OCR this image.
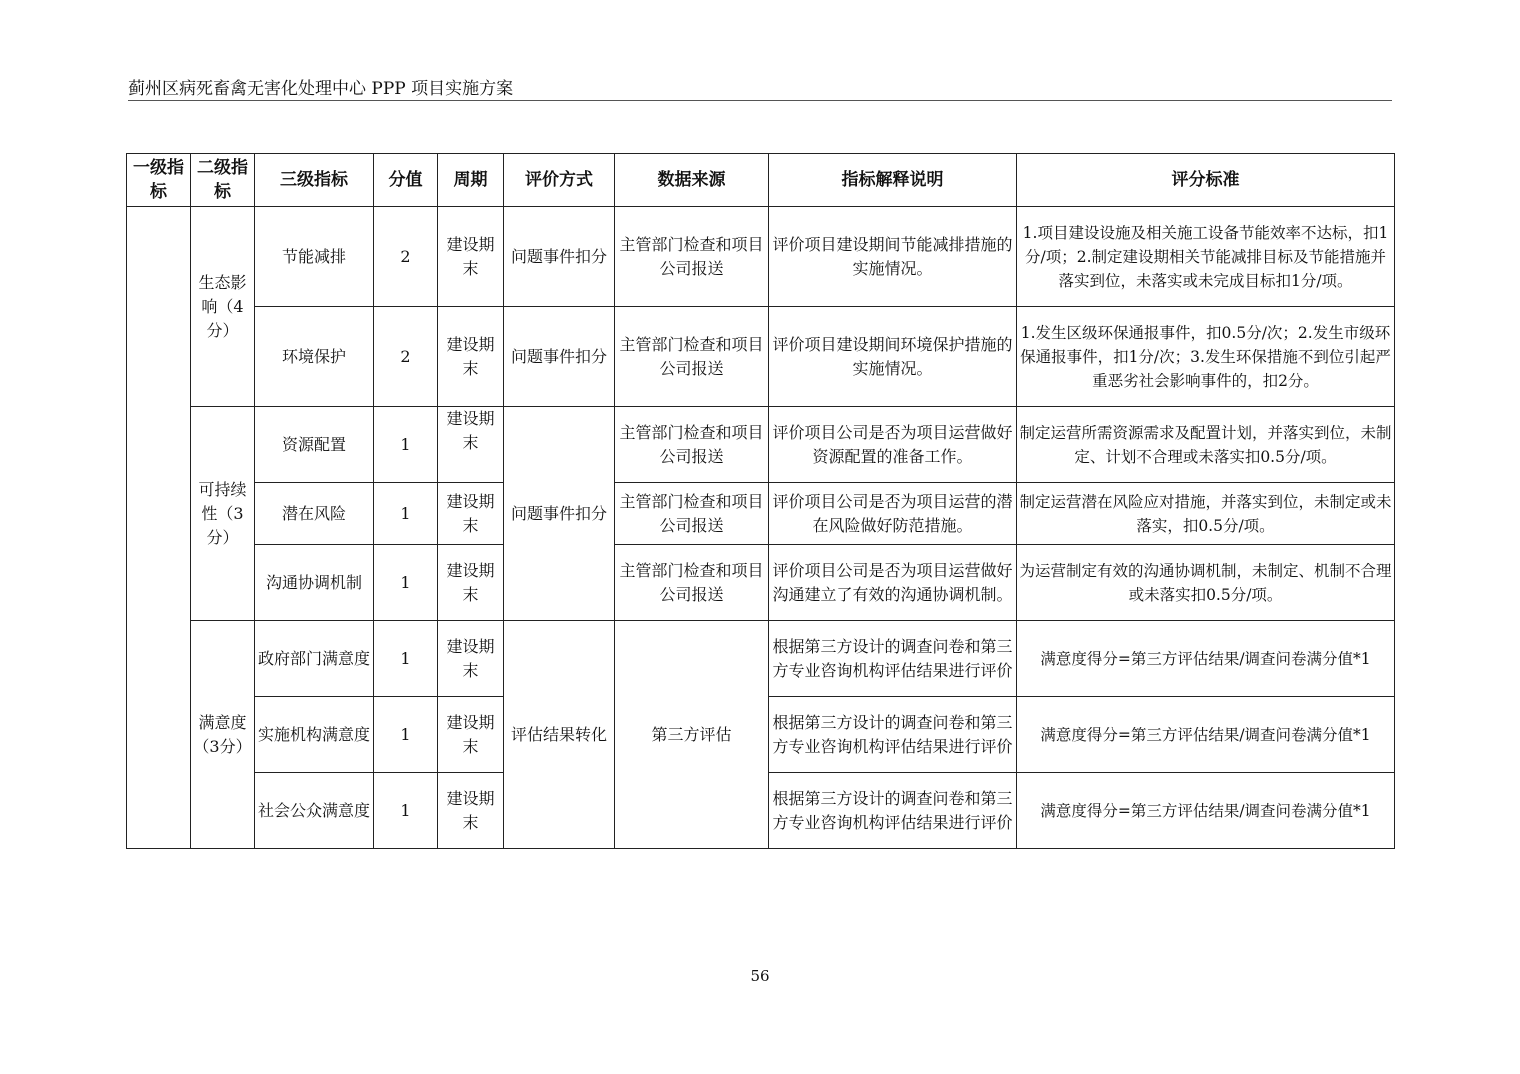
蓟州区病死畜禽无害化处理中心 PPP 项目实施方案
一级指标	二级指标	三级指标	分值	周期	评价方式	数据来源	指标解释说明	评分标准
	生态影响（4分）	节能减排	2	建设期末	问题事件扣分	主管部门检查和项目公司报送	评价项目建设期间节能减排措施的实施情况。	1.项目建设设施及相关施工设备节能效率不达标，扣1分/项；2.制定建设期相关节能减排目标及节能措施并落实到位，未落实或未完成目标扣1分/项。
		环境保护	2	建设期末	问题事件扣分	主管部门检查和项目公司报送	评价项目建设期间环境保护措施的实施情况。	1.发生区级环保通报事件，扣0.5分/次；2.发生市级环保通报事件，扣1分/次；3.发生环保措施不到位引起严重恶劣社会影响事件的，扣2分。
	可持续性（3分）	资源配置	1	建设期末	问题事件扣分	主管部门检查和项目公司报送	评价项目公司是否为项目运营做好资源配置的准备工作。	制定运营所需资源需求及配置计划，并落实到位，未制定、计划不合理或未落实扣0.5分/项。
		潜在风险	1	建设期末		主管部门检查和项目公司报送	评价项目公司是否为项目运营的潜在风险做好防范措施。	制定运营潜在风险应对措施，并落实到位，未制定或未落实，扣0.5分/项。
		沟通协调机制	1	建设期末		主管部门检查和项目公司报送	评价项目公司是否为项目运营做好沟通建立了有效的沟通协调机制。	为运营制定有效的沟通协调机制，未制定、机制不合理或未落实扣0.5分/项。
	满意度（3分）	政府部门满意度	1	建设期末	评估结果转化	第三方评估	根据第三方设计的调查问卷和第三方专业咨询机构评估结果进行评价	满意度得分=第三方评估结果/调查问卷满分值*1
		实施机构满意度	1	建设期末			根据第三方设计的调查问卷和第三方专业咨询机构评估结果进行评价	满意度得分=第三方评估结果/调查问卷满分值*1
		社会公众满意度	1	建设期末			根据第三方设计的调查问卷和第三方专业咨询机构评估结果进行评价	满意度得分=第三方评估结果/调查问卷满分值*1
56
